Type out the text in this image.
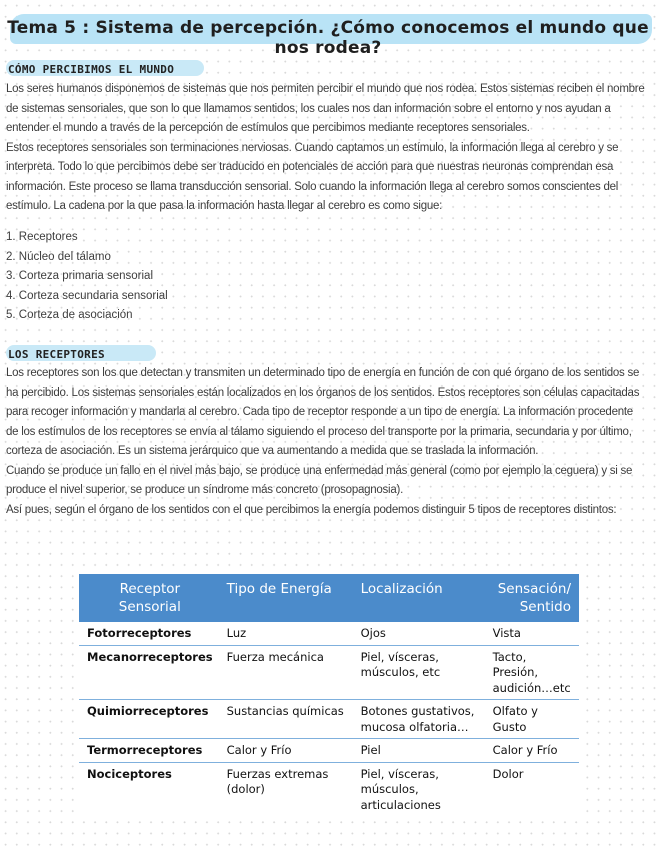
Tema 5 : Sistema de percepción. ¿Cómo conocemos el mundo que nos rodea?
CÓMO PERCIBIMOS EL MUNDO

Los seres humanos disponemos de sistemas que nos permiten percibir el mundo que nos rodea. Estos sistemas reciben el nombre de sistemas sensoriales, que son lo que llamamos sentidos, los cuales nos dan información sobre el entorno y nos ayudan a entender el mundo a través de la percepción de estímulos que percibimos mediante receptores sensoriales.

Estos receptores sensoriales son terminaciones nerviosas. Cuando captamos un estímulo, la información llega al cerebro y se interpreta. Todo lo que percibimos debe ser traducido en potenciales de acción para que nuestras neuronas comprendan esa información. Este proceso se llama transducción sensorial. Solo cuando la información llega al cerebro somos conscientes del estímulo. La cadena por la que pasa la información hasta llegar al cerebro es como sigue:

1. Receptores
2. Núcleo del tálamo
3. Corteza primaria sensorial
4. Corteza secundaria sensorial
5. Corteza de asociación
LOS RECEPTORES

Los receptores son los que detectan y transmiten un determinado tipo de energía en función de con qué órgano de los sentidos se ha percibido. Los sistemas sensoriales están localizados en los órganos de los sentidos. Estos receptores son células capacitadas para recoger información y mandarla al cerebro. Cada tipo de receptor responde a un tipo de energía. La información procedente de los estímulos de los receptores se envía al tálamo siguiendo el proceso del transporte por la primaria, secundaria y por último, corteza de asociación. Es un sistema jerárquico que va aumentando a medida que se traslada la información.

Cuando se produce un fallo en el nivel más bajo, se produce una enfermedad más general (como por ejemplo la ceguera) y si se produce el nivel superior, se produce un síndrome más concreto (prosopagnosia).

Así pues, según el órgano de los sentidos con el que percibimos la energía podemos distinguir 5 tipos de receptores distintos:

Receptor Sensorial	Tipo de Energía	Localización	Sensación/ Sentido
Fotorreceptores	Luz	Ojos	Vista
Mecanorreceptores	Fuerza mecánica	Piel, vísceras, músculos, etc	Tacto, Presión, audición…etc
Quimiorreceptores	Sustancias químicas	Botones gustativos, mucosa olfatoria…	Olfato y Gusto
Termorreceptores	Calor y Frío	Piel	Calor y Frío
Nociceptores	Fuerzas extremas (dolor)	Piel, vísceras, músculos, articulaciones	Dolor
